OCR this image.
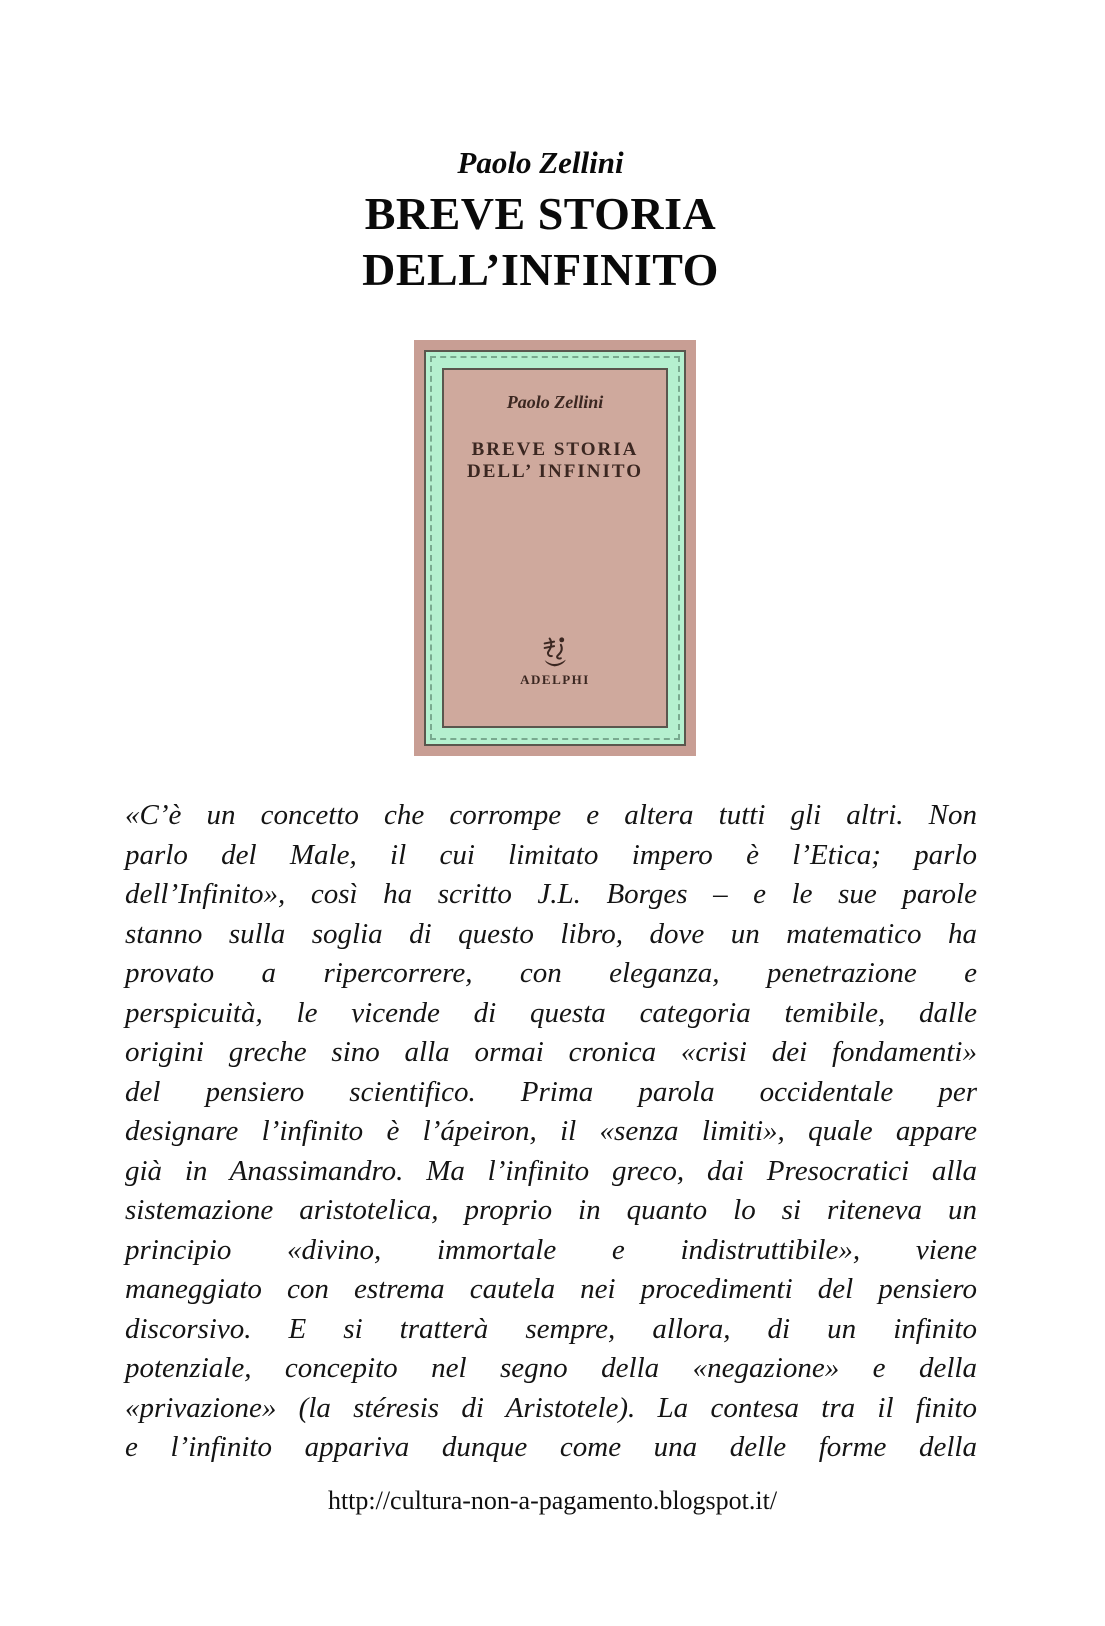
Paolo Zellini
BREVE STORIA
DELL’INFINITO
Paolo Zellini
BREVE STORIA
DELL’ INFINITO
ADELPHI
«C’è un concetto che corrompe e altera tutti gli altri. Non
parlo del Male, il cui limitato impero è l’Etica; parlo
dell’Infinito», così ha scritto J.L. Borges – e le sue parole
stanno sulla soglia di questo libro, dove un matematico ha
provato a ripercorrere, con eleganza, penetrazione e
perspicuità, le vicende di questa categoria temibile, dalle
origini greche sino alla ormai cronica «crisi dei fondamenti»
del pensiero scientifico. Prima parola occidentale per
designare l’infinito è l’ápeiron, il «senza limiti», quale appare
già in Anassimandro. Ma l’infinito greco, dai Presocratici alla
sistemazione aristotelica, proprio in quanto lo si riteneva un
principio «divino, immortale e indistruttibile», viene
maneggiato con estrema cautela nei procedimenti del pensiero
discorsivo. E si tratterà sempre, allora, di un infinito
potenziale, concepito nel segno della «negazione» e della
«privazione» (la stéresis di Aristotele). La contesa tra il finito
e l’infinito appariva dunque come una delle forme della
http://cultura-non-a-pagamento.blogspot.it/
